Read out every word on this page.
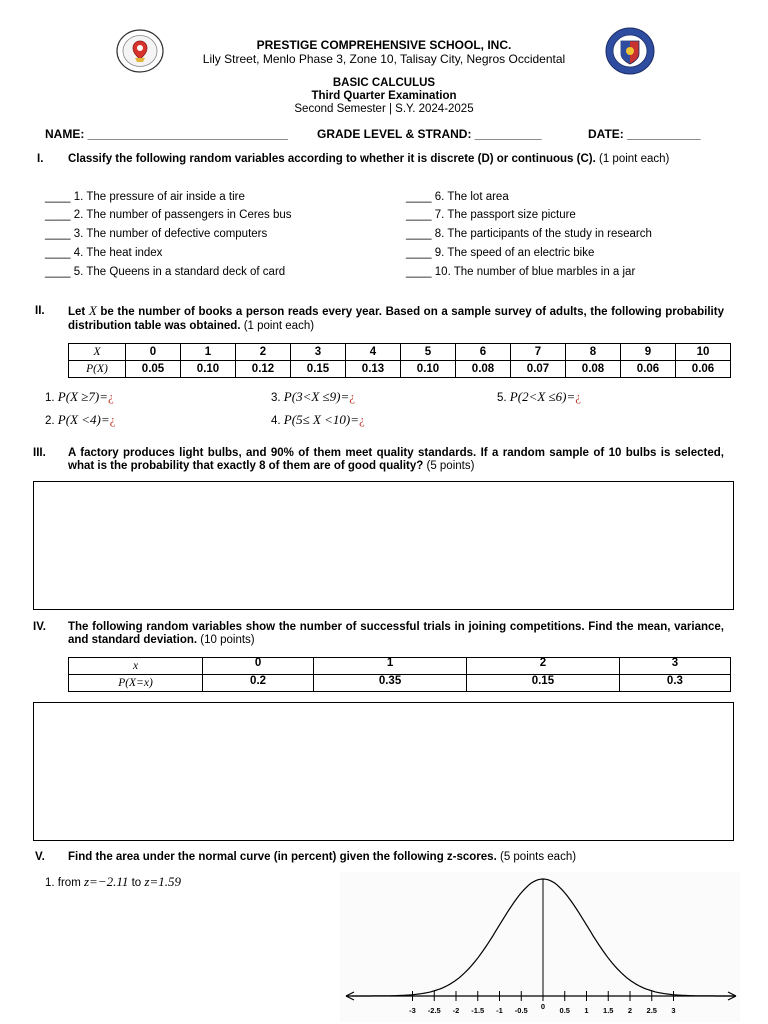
PRESTIGE COMPREHENSIVE SCHOOL, INC.
Lily Street, Menlo Phase 3, Zone 10, Talisay City, Negros Occidental
BASIC CALCULUS
Third Quarter Examination
Second Semester | S.Y. 2024-2025
NAME: ______________________________ GRADE LEVEL & STRAND: __________	DATE: ___________
I. Classify the following random variables according to whether it is discrete (D) or continuous (C). (1 point each)
____ 1. The pressure of air inside a tire
____ 2. The number of passengers in Ceres bus
____ 3. The number of defective computers
____ 4. The heat index
____ 5. The Queens in a standard deck of card
____ 6. The lot area
____ 7. The passport size picture
____ 8. The participants of the study in research
____ 9. The speed of an electric bike
____ 10. The number of blue marbles in a jar
II. Let X be the number of books a person reads every year. Based on a sample survey of adults, the following probability distribution table was obtained. (1 point each)
X	0	1	2	3	4	5	6	7	8	9	10
P(X)	0.05	0.10	0.12	0.15	0.13	0.10	0.08	0.07	0.08	0.06	0.06
1. P(X ≥7)=¿
2. P(X <4)=¿
3. P(3<X ≤9)=¿
4. P(5≤ X <10)=¿
5. P(2<X ≤6)=¿
III. A factory produces light bulbs, and 90% of them meet quality standards. If a random sample of 10 bulbs is selected, what is the probability that exactly 8 of them are of good quality? (5 points)
IV. The following random variables show the number of successful trials in joining competitions. Find the mean, variance, and standard deviation. (10 points)
x	0	1	2	3
P(X=x)	0.2	0.35	0.15	0.3
V. Find the area under the normal curve (in percent) given the following z-scores. (5 points each)
1. from z=−2.11 to z=1.59
-3 -2.5 -2 -1.5 -1 -0.5 0 0.5 1 1.5 2 2.5 3
